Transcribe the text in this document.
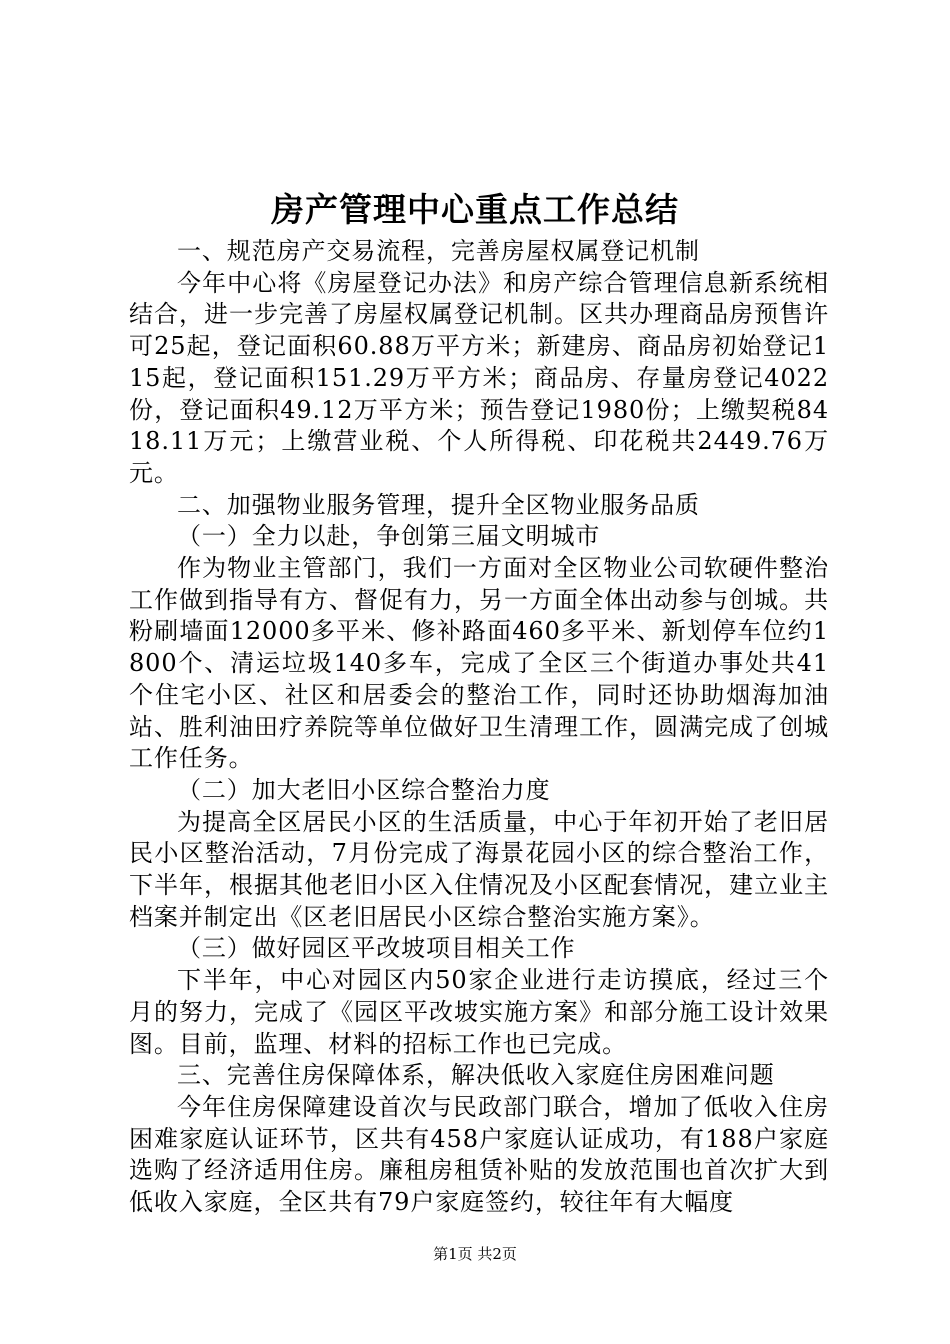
房产管理中心重点工作总结

一、规范房产交易流程，完善房屋权属登记机制

今年中心将《房屋登记办法》和房产综合管理信息新系统相结合，进一步完善了房屋权属登记机制。区共办理商品房预售许可25起，登记面积60.88万平方米；新建房、商品房初始登记115起，登记面积151.29万平方米；商品房、存量房登记4022份，登记面积49.12万平方米；预告登记1980份；上缴契税8418.11万元；上缴营业税、个人所得税、印花税共2449.76万元。

二、加强物业服务管理，提升全区物业服务品质

（一）全力以赴，争创第三届文明城市

作为物业主管部门，我们一方面对全区物业公司软硬件整治工作做到指导有方、督促有力，另一方面全体出动参与创城。共粉刷墙面12000多平米、修补路面460多平米、新划停车位约1800个、清运垃圾140多车，完成了全区三个街道办事处共41个住宅小区、社区和居委会的整治工作，同时还协助烟海加油站、胜利油田疗养院等单位做好卫生清理工作，圆满完成了创城工作任务。

（二）加大老旧小区综合整治力度

为提高全区居民小区的生活质量，中心于年初开始了老旧居民小区整治活动，7月份完成了海景花园小区的综合整治工作，下半年，根据其他老旧小区入住情况及小区配套情况，建立业主档案并制定出《区老旧居民小区综合整治实施方案》。

（三）做好园区平改坡项目相关工作

下半年，中心对园区内50家企业进行走访摸底，经过三个月的努力，完成了《园区平改坡实施方案》和部分施工设计效果图。目前，监理、材料的招标工作也已完成。

三、完善住房保障体系，解决低收入家庭住房困难问题

今年住房保障建设首次与民政部门联合，增加了低收入住房困难家庭认证环节，区共有458户家庭认证成功，有188户家庭选购了经济适用住房。廉租房租赁补贴的发放范围也首次扩大到低收入家庭，全区共有79户家庭签约，较往年有大幅度

第1页 共2页
